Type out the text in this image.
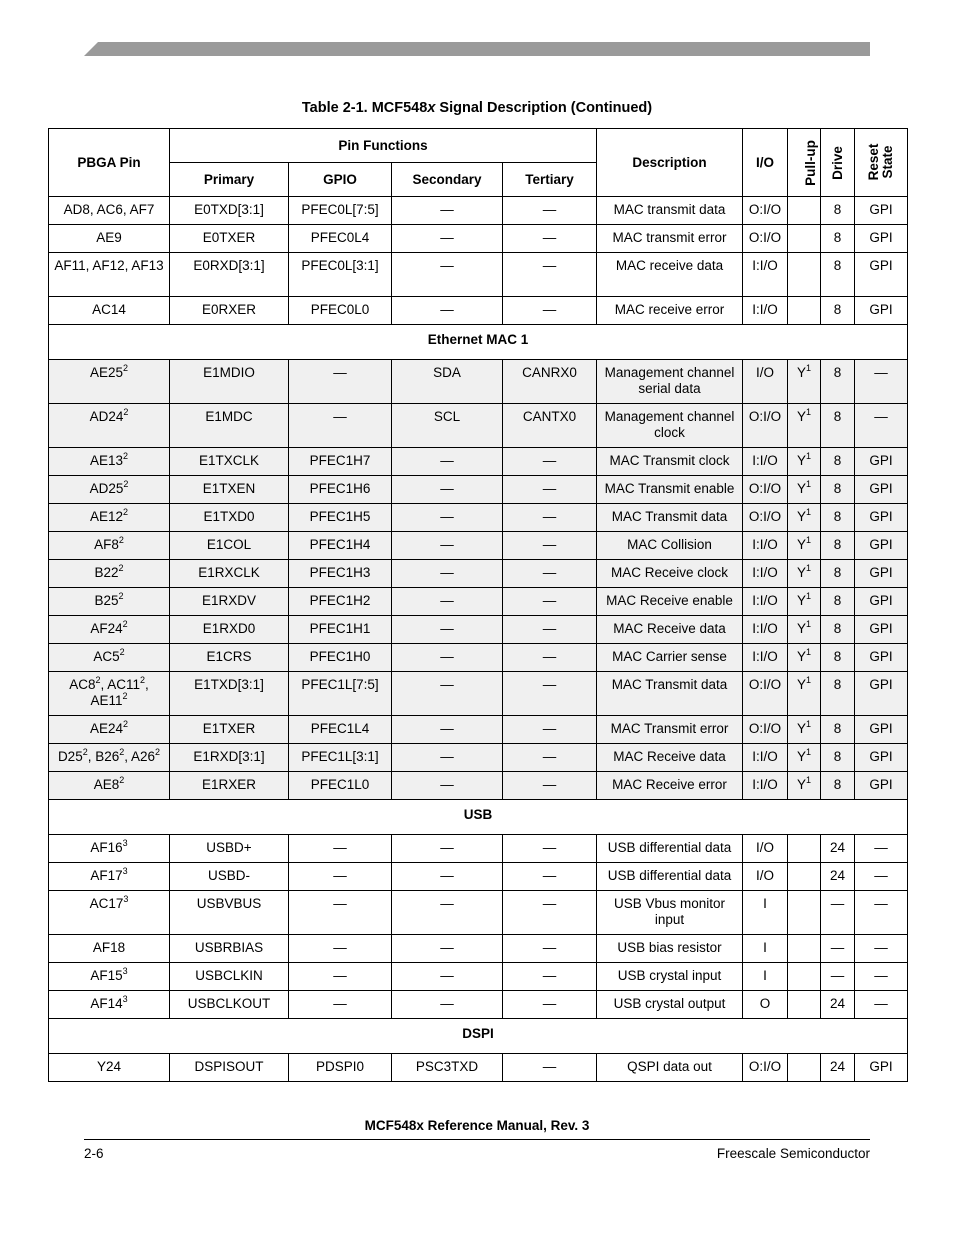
Table 2-1. MCF548x Signal Description (Continued)
PBGA Pin	Pin Functions				Description	I/O	Pull-up	Drive	Reset
State
	Primary	GPIO	Secondary	Tertiary					
AD8, AC6, AF7	E0TXD[3:1]	PFEC0L[7:5]	—	—	MAC transmit data	O:I/O		8	GPI
AE9	E0TXER	PFEC0L4	—	—	MAC transmit error	O:I/O		8	GPI
AF11, AF12, AF13	E0RXD[3:1]	PFEC0L[3:1]	—	—	MAC receive data	I:I/O		8	GPI
AC14	E0RXER	PFEC0L0	—	—	MAC receive error	I:I/O		8	GPI
Ethernet MAC 1									
$AE25^2$	E1MDIO	—	SDA	CANRX0	Management channel serial data	I/O	$Y^1$	8	—
$AD24^2$	E1MDC	—	SCL	CANTX0	Management channel clock	O:I/O	$Y^1$	8	—
$AE13^2$	E1TXCLK	PFEC1H7	—	—	MAC Transmit clock	I:I/O	$Y^1$	8	GPI
$AD25^2$	E1TXEN	PFEC1H6	—	—	MAC Transmit enable	O:I/O	$Y^1$	8	GPI
$AE12^2$	E1TXD0	PFEC1H5	—	—	MAC Transmit data	O:I/O	$Y^1$	8	GPI
$AF8^2$	E1COL	PFEC1H4	—	—	MAC Collision	I:I/O	$Y^1$	8	GPI
$B22^2$	E1RXCLK	PFEC1H3	—	—	MAC Receive clock	I:I/O	$Y^1$	8	GPI
$B25^2$	E1RXDV	PFEC1H2	—	—	MAC Receive enable	I:I/O	$Y^1$	8	GPI
$AF24^2$	E1RXD0	PFEC1H1	—	—	MAC Receive data	I:I/O	$Y^1$	8	GPI
$AC5^2$	E1CRS	PFEC1H0	—	—	MAC Carrier sense	I:I/O	$Y^1$	8	GPI
$AC8^2$, $AC11^2$, $AE11^2$	E1TXD[3:1]	PFEC1L[7:5]	—	—	MAC Transmit data	O:I/O	$Y^1$	8	GPI
$AE24^2$	E1TXER	PFEC1L4	—	—	MAC Transmit error	O:I/O	$Y^1$	8	GPI
$D25^2$, $B26^2$, $A26^2$	E1RXD[3:1]	PFEC1L[3:1]	—	—	MAC Receive data	I:I/O	$Y^1$	8	GPI
$AE8^2$	E1RXER	PFEC1L0	—	—	MAC Receive error	I:I/O	$Y^1$	8	GPI
USB									
$AF16^3$	USBD+	—	—	—	USB differential data	I/O		24	—
$AF17^3$	USBD-	—	—	—	USB differential data	I/O		24	—
$AC17^3$	USBVBUS	—	—	—	USB Vbus monitor input	I		—	—
AF18	USBRBIAS	—	—	—	USB bias resistor	I		—	—
$AF15^3$	USBCLKIN	—	—	—	USB crystal input	I		—	—
$AF14^3$	USBCLKOUT	—	—	—	USB crystal output	O		24	—
DSPI									
Y24	DSPISOUT	PDSPI0	PSC3TXD	—	QSPI data out	O:I/O		24	GPI
MCF548x Reference Manual, Rev. 3
2-6	Freescale Semiconductor
